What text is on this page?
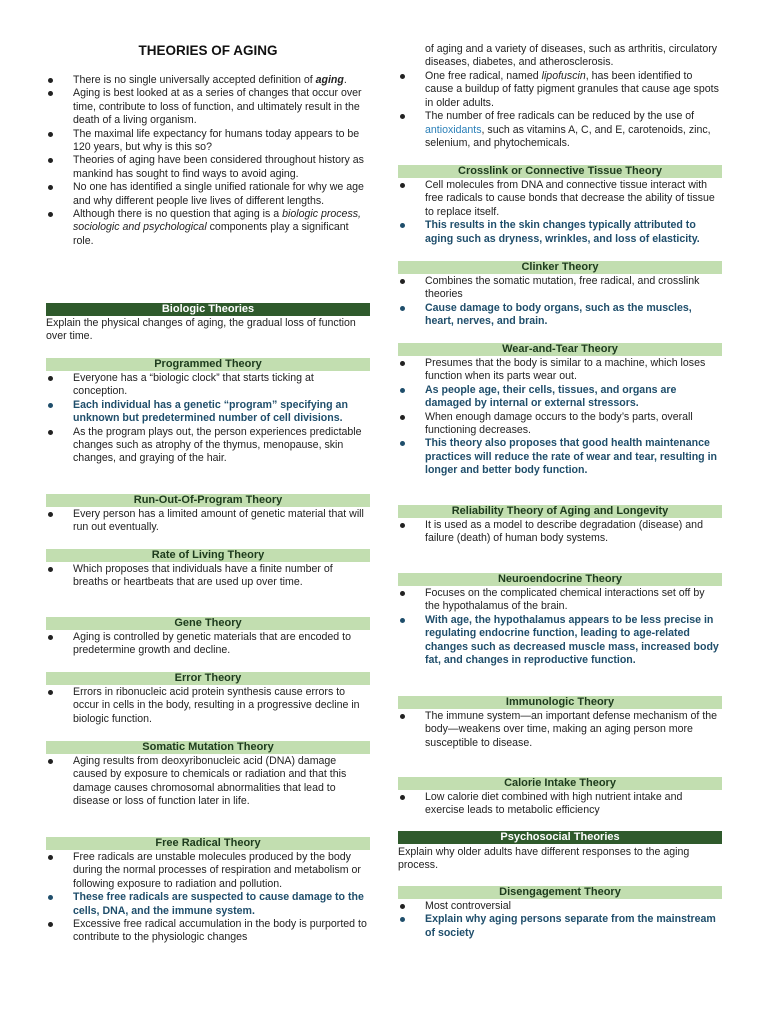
THEORIES OF AGING
There is no single universally accepted definition of aging.
Aging is best looked at as a series of changes that occur over time, contribute to loss of function, and ultimately result in the death of a living organism.
The maximal life expectancy for humans today appears to be 120 years, but why is this so?
Theories of aging have been considered throughout history as mankind has sought to find ways to avoid aging.
No one has identified a single unified rationale for why we age and why different people live lives of different lengths.
Although there is no question that aging is a biologic process, sociologic and psychological components play a significant role.
Biologic Theories
Explain the physical changes of aging, the gradual loss of function over time.
Programmed Theory
Everyone has a “biologic clock” that starts ticking at conception.
Each individual has a genetic “program” specifying an unknown but predetermined number of cell divisions.
As the program plays out, the person experiences predictable changes such as atrophy of the thymus, menopause, skin changes, and graying of the hair.
Run-Out-Of-Program Theory
Every person has a limited amount of genetic material that will run out eventually.
Rate of Living Theory
Which proposes that individuals have a finite number of breaths or heartbeats that are used up over time.
Gene Theory
Aging is controlled by genetic materials that are encoded to predetermine growth and decline.
Error Theory
Errors in ribonucleic acid protein synthesis cause errors to occur in cells in the body, resulting in a progressive decline in biologic function.
Somatic Mutation Theory
Aging results from deoxyribonucleic acid (DNA) damage caused by exposure to chemicals or radiation and that this damage causes chromosomal abnormalities that lead to disease or loss of function later in life.
Free Radical Theory
Free radicals are unstable molecules produced by the body during the normal processes of respiration and metabolism or following exposure to radiation and pollution.
These free radicals are suspected to cause damage to the cells, DNA, and the immune system.
Excessive free radical accumulation in the body is purported to contribute to the physiologic changes
of aging and a variety of diseases, such as arthritis, circulatory diseases, diabetes, and atherosclerosis.
One free radical, named lipofuscin, has been identified to cause a buildup of fatty pigment granules that cause age spots in older adults.
The number of free radicals can be reduced by the use of antioxidants, such as vitamins A, C, and E, carotenoids, zinc, selenium, and phytochemicals.
Crosslink or Connective Tissue Theory
Cell molecules from DNA and connective tissue interact with free radicals to cause bonds that decrease the ability of tissue to replace itself.
This results in the skin changes typically attributed to aging such as dryness, wrinkles, and loss of elasticity.
Clinker Theory
Combines the somatic mutation, free radical, and crosslink theories
Cause damage to body organs, such as the muscles, heart, nerves, and brain.
Wear-and-Tear Theory
Presumes that the body is similar to a machine, which loses function when its parts wear out.
As people age, their cells, tissues, and organs are damaged by internal or external stressors.
When enough damage occurs to the body’s parts, overall functioning decreases.
This theory also proposes that good health maintenance practices will reduce the rate of wear and tear, resulting in longer and better body function.
Reliability Theory of Aging and Longevity
It is used as a model to describe degradation (disease) and failure (death) of human body systems.
Neuroendocrine Theory
Focuses on the complicated chemical interactions set off by the hypothalamus of the brain.
With age, the hypothalamus appears to be less precise in regulating endocrine function, leading to age-related changes such as decreased muscle mass, increased body fat, and changes in reproductive function.
Immunologic Theory
The immune system—an important defense mechanism of the body—weakens over time, making an aging person more susceptible to disease.
Calorie Intake Theory
Low calorie diet combined with high nutrient intake and exercise leads to metabolic efficiency
Psychosocial Theories
Explain why older adults have different responses to the aging process.
Disengagement Theory
Most controversial
Explain why aging persons separate from the mainstream of society
